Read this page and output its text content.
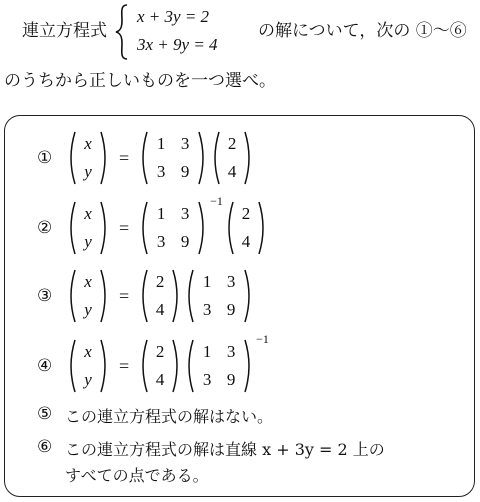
連立方程式
x + 3y = 2
3x + 9y = 4
の解について，次の ①〜⑥
のうちから正しいものを一つ選べ。
①
x
y
=
1 3
3 9
2
4
②
x
y
=
1 3
3 9
−1
2
4
③
x
y
=
2
4
1 3
3 9
④
x
y
=
2
4
1 3
3 9
−1
⑤ この連立方程式の解はない。
⑥ この連立方程式の解は直線 x + 3y = 2 上の
すべての点である。
